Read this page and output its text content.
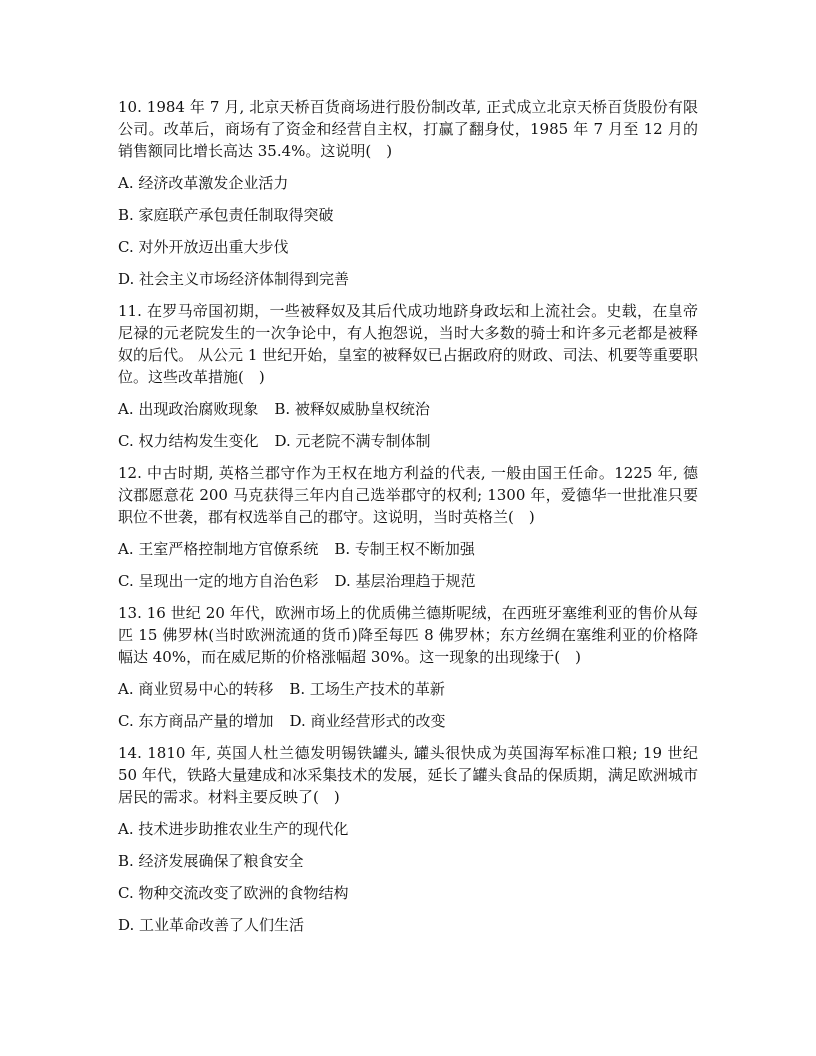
10. 1984 年 7 月, 北京天桥百货商场进行股份制改革, 正式成立北京天桥百货股份有限公司。改革后，商场有了资金和经营自主权，打赢了翻身仗，1985 年 7 月至 12 月的销售额同比增长高达 35.4%。这说明(　)

A. 经济改革激发企业活力

B. 家庭联产承包责任制取得突破

C. 对外开放迈出重大步伐

D. 社会主义市场经济体制得到完善

11. 在罗马帝国初期，一些被释奴及其后代成功地跻身政坛和上流社会。史载，在皇帝尼禄的元老院发生的一次争论中，有人抱怨说，当时大多数的骑士和许多元老都是被释奴的后代。 从公元 1 世纪开始，皇室的被释奴已占据政府的财政、司法、机要等重要职位。这些改革措施(　)

A. 出现政治腐败现象 B. 被释奴威胁皇权统治

C. 权力结构发生变化 D. 元老院不满专制体制

12. 中古时期, 英格兰郡守作为王权在地方利益的代表, 一般由国王任命。1225 年, 德汶郡愿意花 200 马克获得三年内自己选举郡守的权利; 1300 年，爱德华一世批准只要职位不世袭，郡有权选举自己的郡守。这说明，当时英格兰(　)

A. 王室严格控制地方官僚系统 B. 专制王权不断加强

C. 呈现出一定的地方自治色彩 D. 基层治理趋于规范

13. 16 世纪 20 年代，欧洲市场上的优质佛兰德斯呢绒，在西班牙塞维利亚的售价从每匹 15 佛罗林(当时欧洲流通的货币)降至每匹 8 佛罗林；东方丝绸在塞维利亚的价格降幅达 40%，而在威尼斯的价格涨幅超 30%。这一现象的出现缘于(　)

A. 商业贸易中心的转移 B. 工场生产技术的革新

C. 东方商品产量的增加 D. 商业经营形式的改变

14. 1810 年, 英国人杜兰德发明锡铁罐头, 罐头很快成为英国海军标准口粮; 19 世纪 50 年代，铁路大量建成和冰采集技术的发展，延长了罐头食品的保质期，满足欧洲城市居民的需求。材料主要反映了(　)

A. 技术进步助推农业生产的现代化

B. 经济发展确保了粮食安全

C. 物种交流改变了欧洲的食物结构

D. 工业革命改善了人们生活
